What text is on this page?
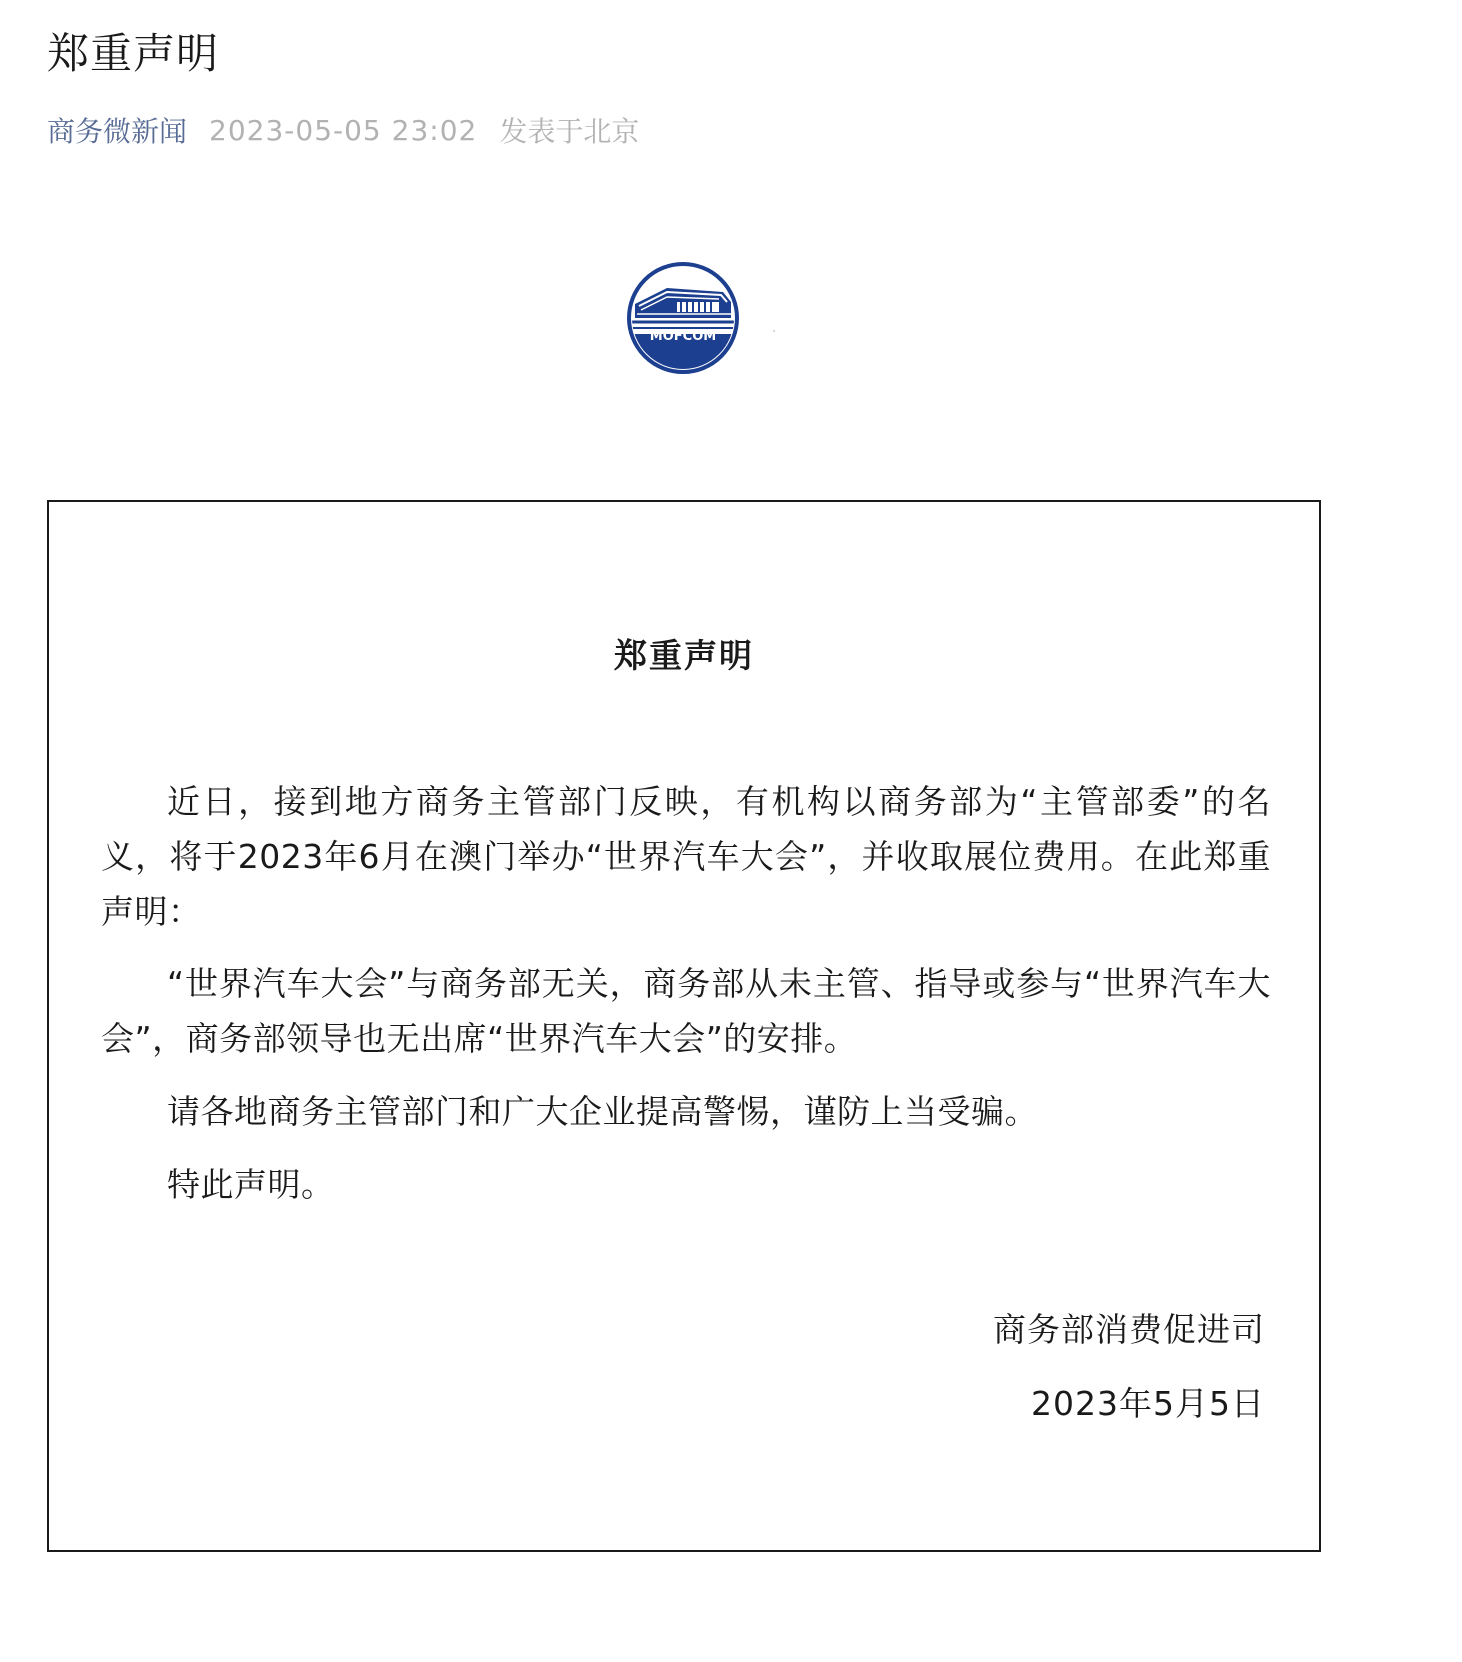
郑重声明
商务微新闻 2023-05-05 23:02 发表于北京
MOFCOM
郑重声明

近日，接到地方商务主管部门反映，有机构以商务部为“主管部委”的名义，将于2023年6月在澳门举办“世界汽车大会”，并收取展位费用。在此郑重声明：

“世界汽车大会”与商务部无关，商务部从未主管、指导或参与“世界汽车大会”，商务部领导也无出席“世界汽车大会”的安排。

请各地商务主管部门和广大企业提高警惕，谨防上当受骗。

特此声明。

商务部消费促进司
2023年5月5日
